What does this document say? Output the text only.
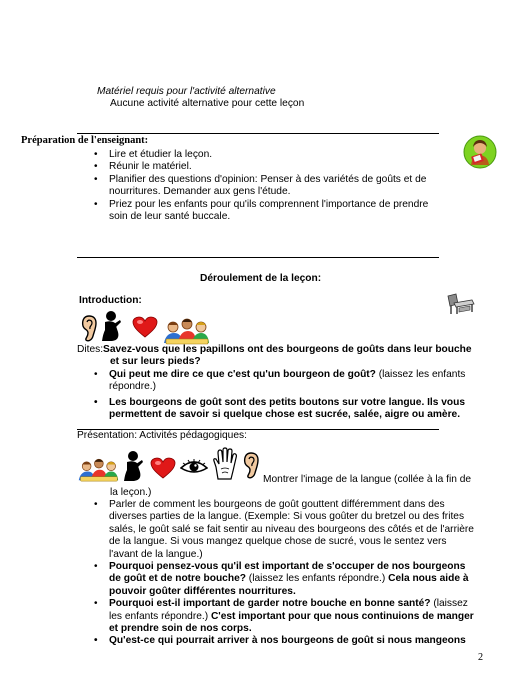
Matériel requis pour l'activité alternative
Aucune activité alternative pour cette leçon
Préparation de l'enseignant:
• Lire et étudier la leçon.
• Réunir le matériel.
• Planifier des questions d'opinion: Penser à des variétés de goûts et de
nourritures. Demander aux gens l'étude.
• Priez pour les enfants pour qu'ils comprennent l'importance de prendre
soin de leur santé buccale.
Déroulement de la leçon:
Introduction:
Dites:Savez-vous que les papillons ont des bourgeons de goûts dans leur bouche
et sur leurs pieds?
• Qui peut me dire ce que c'est qu'un bourgeon de goût? (laissez les enfants
répondre.)
• Les bourgeons de goût sont des petits boutons sur votre langue. Ils vous
permettent de savoir si quelque chose est sucrée, salée, aigre ou amère.
Présentation: Activités pédagogiques:
Montrer l'image de la langue (collée à la fin de
la leçon.)
• Parler de comment les bourgeons de goût gouttent différemment dans des
diverses parties de la langue. (Exemple: Si vous goûter du bretzel ou des frites
salés, le goût salé se fait sentir au niveau des bourgeons des côtés et de l'arrière
de la langue. Si vous mangez quelque chose de sucré, vous le sentez vers
l'avant de la langue.)
• Pourquoi pensez-vous qu'il est important de s'occuper de nos bourgeons
de goût et de notre bouche? (laissez les enfants répondre.) Cela nous aide à
pouvoir goûter différentes nourritures.
• Pourquoi est-il important de garder notre bouche en bonne santé? (laissez
les enfants répondre.) C'est important pour que nous continuions de manger
et prendre soin de nos corps.
• Qu'est-ce qui pourrait arriver à nos bourgeons de goût si nous mangeons
2
